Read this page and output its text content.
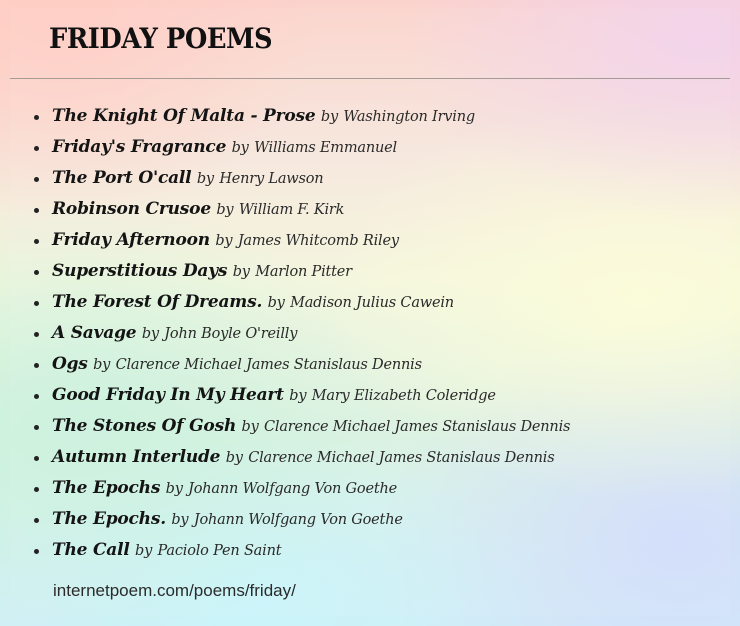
FRIDAY POEMS
The Knight Of Malta - Prose by Washington Irving
Friday's Fragrance by Williams Emmanuel
The Port O'call by Henry Lawson
Robinson Crusoe by William F. Kirk
Friday Afternoon by James Whitcomb Riley
Superstitious Days by Marlon Pitter
The Forest Of Dreams. by Madison Julius Cawein
A Savage by John Boyle O'reilly
Ogs by Clarence Michael James Stanislaus Dennis
Good Friday In My Heart by Mary Elizabeth Coleridge
The Stones Of Gosh by Clarence Michael James Stanislaus Dennis
Autumn Interlude by Clarence Michael James Stanislaus Dennis
The Epochs by Johann Wolfgang Von Goethe
The Epochs. by Johann Wolfgang Von Goethe
The Call by Paciolo Pen Saint
internetpoem.com/poems/friday/
